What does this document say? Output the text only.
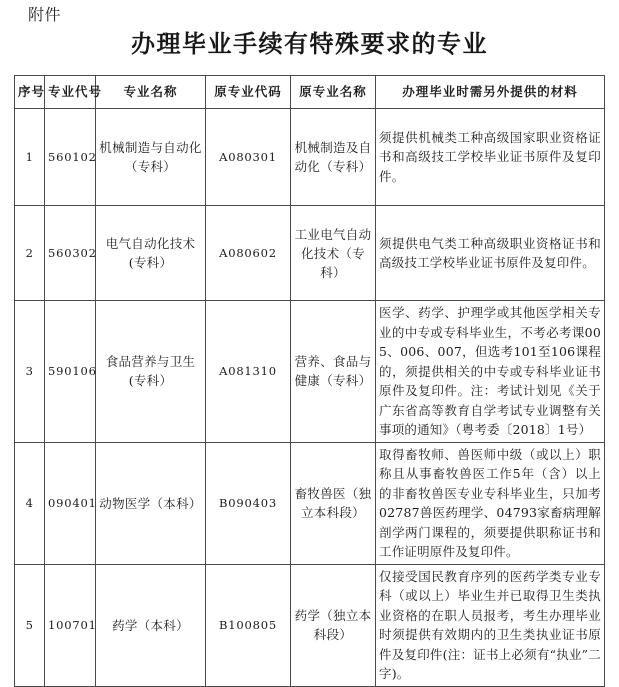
附件
办理毕业手续有特殊要求的专业
序号	专业代号	专业名称	原专业代码	原专业名称	办理毕业时需另外提供的材料
1	560102	机械制造与自动化（专科）	A080301	机械制造及自动化（专科）	须提供机械类工种高级国家职业资格证书和高级技工学校毕业证书原件及复印件。
2	560302	电气自动化技术(专科）	A080602	工业电气自动化技术（专科）	须提供电气类工种高级职业资格证书和高级技工学校毕业证书原件及复印件。
3	590106	食品营养与卫生(专科）	A081310	营养、食品与健康（专科）	医学、药学、护理学或其他医学相关专业的中专或专科毕业生，不考必考课005、006、007，但选考101至106课程的，须提供相关的中专或专科毕业证书原件及复印件。注：考试计划见《关于广东省高等教育自学考试专业调整有关事项的通知》（粤考委〔2018〕1号）
4	090401	动物医学（本科）	B090403	畜牧兽医（独立本科段）	取得畜牧师、兽医师中级（或以上）职称且从事畜牧兽医工作5年（含）以上的非畜牧兽医专业专科毕业生，只加考02787兽医药理学、04793家畜病理解剖学两门课程的，须要提供职称证书和工作证明原件及复印件。
5	100701	药学（本科）	B100805	药学（独立本科段）	仅接受国民教育序列的医药学类专业专科（或以上）毕业生并已取得卫生类执业资格的在职人员报考，考生办理毕业时须提供有效期内的卫生类执业证书原件及复印件(注：证书上必须有“执业”二字)。
